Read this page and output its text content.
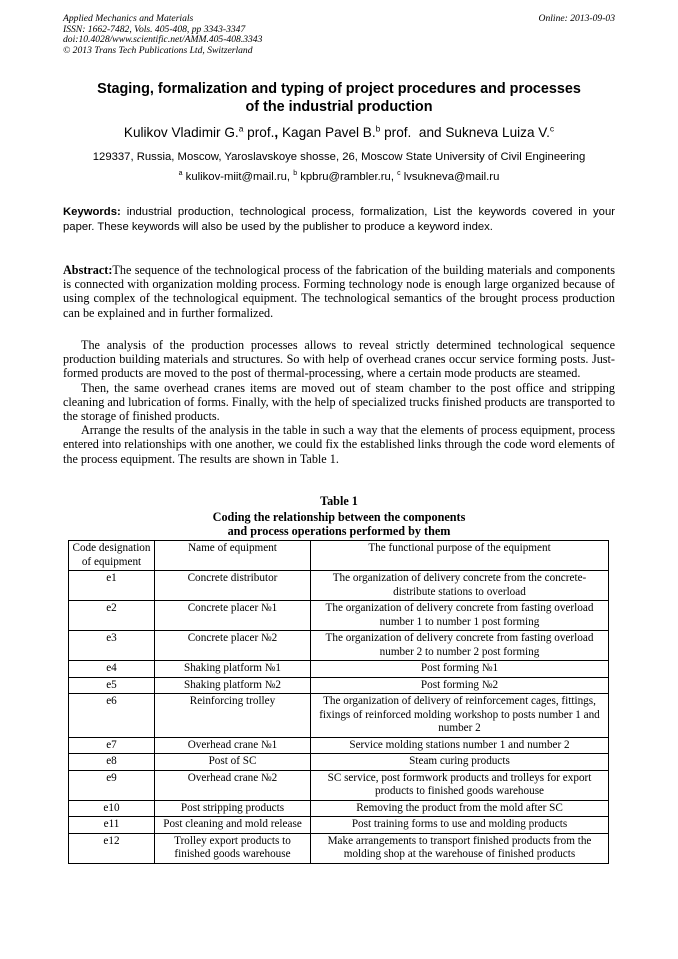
Applied Mechanics and Materials
ISSN: 1662-7482, Vols. 405-408, pp 3343-3347
doi:10.4028/www.scientific.net/AMM.405-408.3343
© 2013 Trans Tech Publications Ltd, Switzerland
Online: 2013-09-03
Staging, formalization and typing of project procedures and processes
of the industrial production
Kulikov Vladimir G.$^a$ prof., Kagan Pavel B.$^b$ prof.  and Sukneva Luiza V.$^c$
129337, Russia, Moscow, Yaroslavskoye shosse, 26, Moscow State University of Civil Engineering
$^a$ kulikov-miit@mail.ru, $^b$ kpbru@rambler.ru, $^c$ lvsukneva@mail.ru
Keywords: industrial production, technological process, formalization, List the keywords covered in your paper. These keywords will also be used by the publisher to produce a keyword index.
Abstract:The sequence of the technological process of the fabrication of the building materials and components is connected with organization molding process. Forming technology node is enough large organized because of using complex of the technological equipment. The technological semantics of the brought process production can be explained and in further formalized.

The analysis of the production processes allows to reveal strictly determined technological sequence production building materials and structures. So with help of overhead cranes occur service forming posts. Just-formed products are moved to the post of thermal-processing, where a certain mode products are steamed.

Then, the same overhead cranes items are moved out of steam chamber to the post office and stripping cleaning and lubrication of forms. Finally, with the help of specialized trucks finished products are transported to the storage of finished products.

Arrange the results of the analysis in the table in such a way that the elements of process equipment, process entered into relationships with one another, we could fix the established links through the code word elements of the process equipment. The results are shown in Table 1.

Table 1
Coding the relationship between the components
and process operations performed by them
Code designation of equipment	Name of equipment	The functional purpose of the equipment
e1	Concrete distributor	The organization of delivery concrete from the concrete-distribute stations to overload
e2	Concrete placer №1	The organization of delivery concrete from fasting overload number 1 to number 1 post forming
e3	Concrete placer №2	The organization of delivery concrete from fasting overload number 2 to number 2 post forming
e4	Shaking platform №1	Post forming №1
e5	Shaking platform №2	Post forming №2
e6	Reinforcing trolley	The organization of delivery of reinforcement cages, fittings, fixings of reinforced molding workshop to posts number 1 and number 2
e7	Overhead crane №1	Service molding stations number 1 and number 2
e8	Post of SC	Steam curing products
e9	Overhead crane №2	SC service, post formwork products and trolleys for export products to finished goods warehouse
e10	Post stripping products	Removing the product from the mold after SC
e11	Post cleaning and mold release	Post training forms to use and molding products
e12	Trolley export products to finished goods warehouse	Make arrangements to transport finished products from the molding shop at the warehouse of finished products
